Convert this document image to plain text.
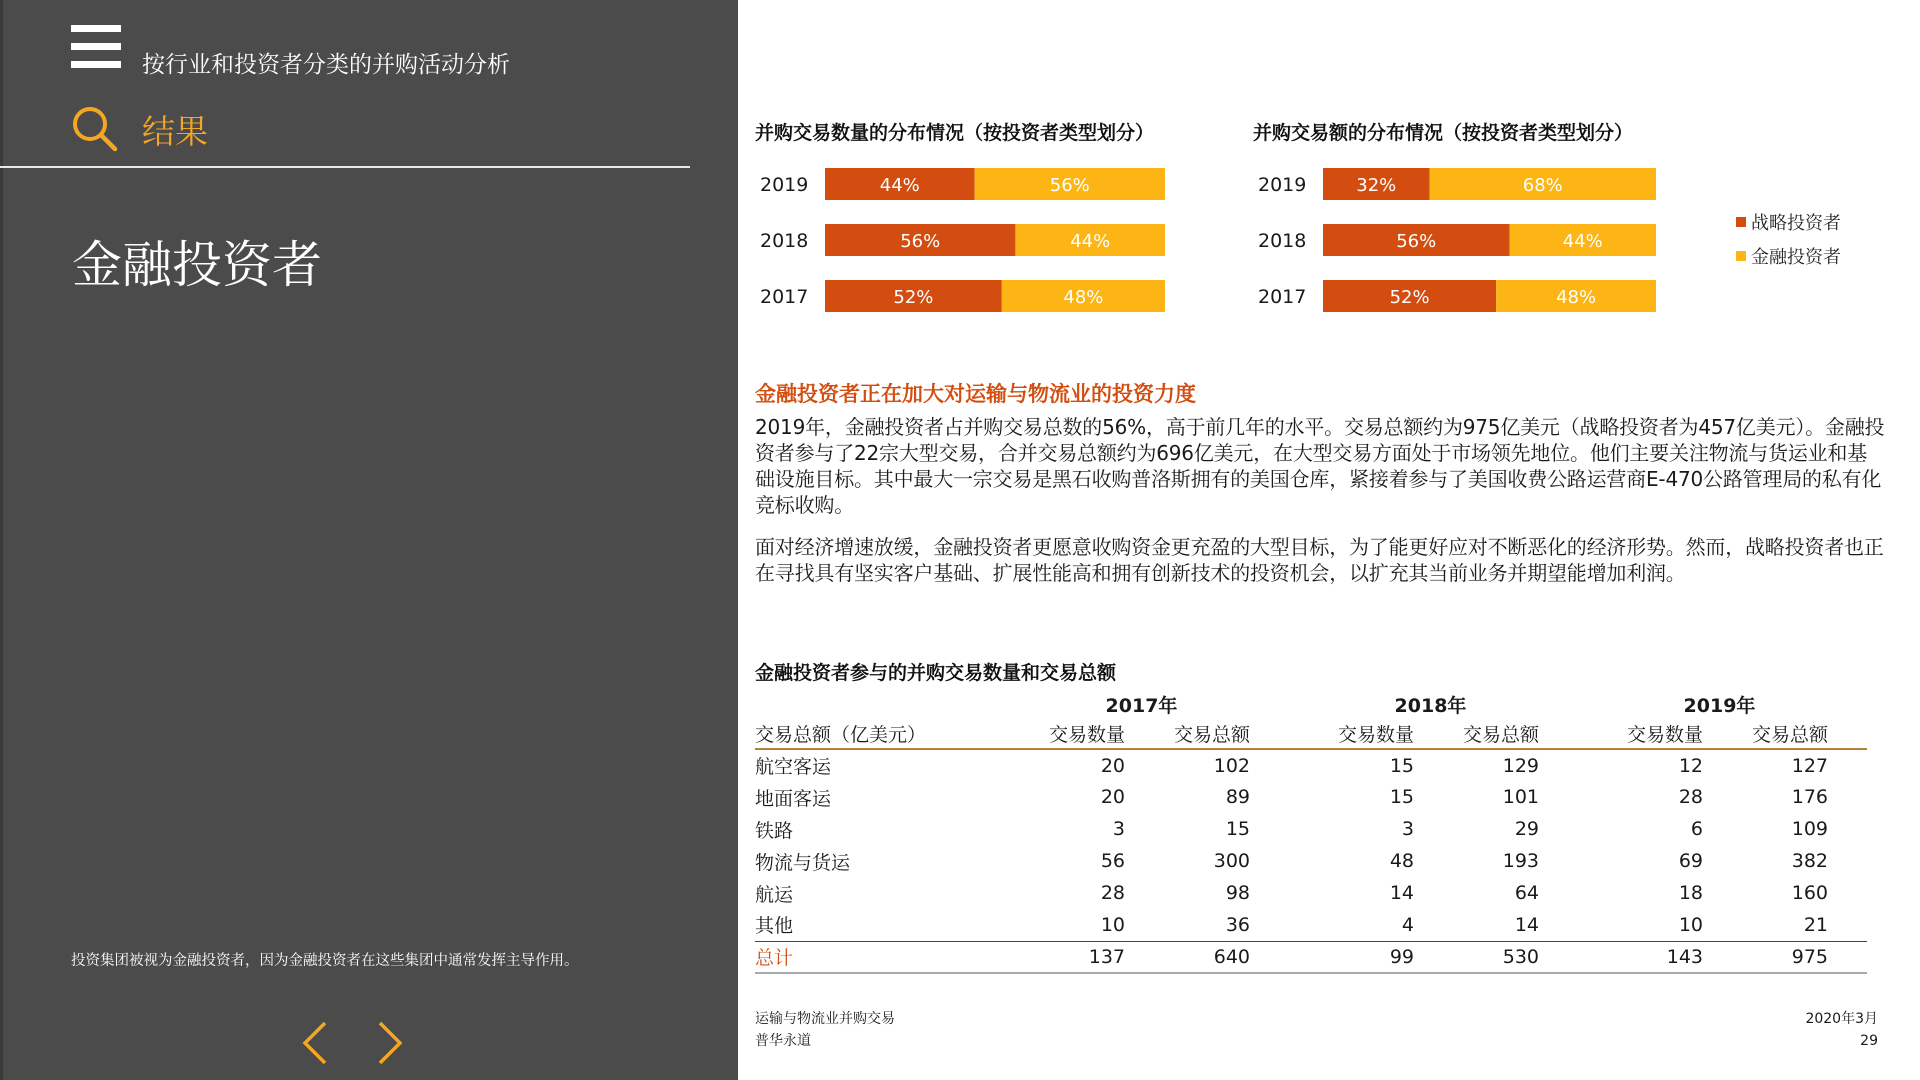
按行业和投资者分类的并购活动分析
结果
金融投资者
投资集团被视为金融投资者，因为金融投资者在这些集团中通常发挥主导作用。
并购交易数量的分布情况（按投资者类型划分）
2019	44%	56%
2018	56%	44%
2017	52%	48%
并购交易额的分布情况（按投资者类型划分）
2019	32%	68%
2018	56%	44%
2017	52%	48%
战略投资者
金融投资者
金融投资者正在加大对运输与物流业的投资力度

2019年，金融投资者占并购交易总数的56%，高于前几年的水平。交易总额约为975亿美元（战略投资者为457亿美元）。金融投资者参与了22宗大型交易，合并交易总额约为696亿美元，在大型交易方面处于市场领先地位。他们主要关注物流与货运业和基础设施目标。其中最大一宗交易是黑石收购普洛斯拥有的美国仓库，紧接着参与了美国收费公路运营商E-470公路管理局的私有化竞标收购。

面对经济增速放缓，金融投资者更愿意收购资金更充盈的大型目标，为了能更好应对不断恶化的经济形势。然而，战略投资者也正在寻找具有坚实客户基础、扩展性能高和拥有创新技术的投资机会，以扩充其当前业务并期望能增加利润。

金融投资者参与的并购交易数量和交易总额
	2017年		2018年		2019年		
交易总额（亿美元）	交易数量	交易总额	交易数量	交易总额	交易数量	交易总额	
航空客运	20	102	15	129	12	127	
地面客运	20	89	15	101	28	176	
铁路	3	15	3	29	6	109	
物流与货运	56	300	48	193	69	382	
航运	28	98	14	64	18	160	
其他	10	36	4	14	10	21	
总计	137	640	99	530	143	975	
运输与物流业并购交易
普华永道
2020年3月
29
